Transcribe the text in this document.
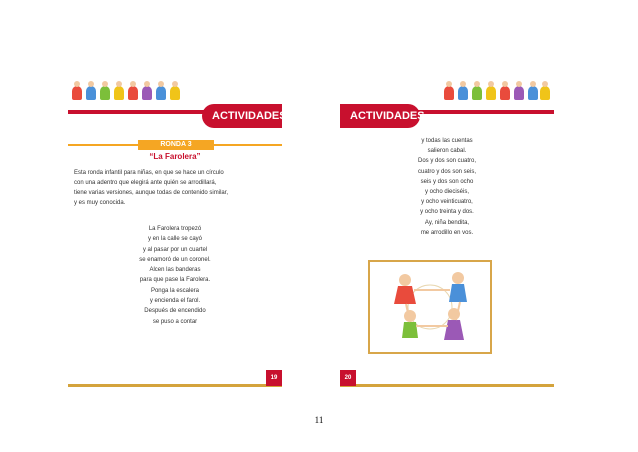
ACTIVIDADES
RONDA 3
“La Farolera”
Esta ronda infantil para niñas, en que se hace un círculo
con una adentro que elegirá ante quién se arrodillará,
tiene varias versiones, aunque todas de contenido similar,
y es muy conocida.
La Farolera tropezó
y en la calle se cayó
y al pasar por un cuartel
se enamoró de un coronel.
Alcen las banderas
para que pase la Farolera.
Ponga la escalera
y encienda el farol.
Después de encendido
se puso a contar
19
ACTIVIDADES
y todas las cuentas
salieron cabal.
Dos y dos son cuatro,
cuatro y dos son seis,
seis y dos son ocho
y ocho dieciséis,
y ocho veinticuatro,
y ocho treinta y dos.
Ay, niña bendita,
me arrodillo en vos.
20
11
